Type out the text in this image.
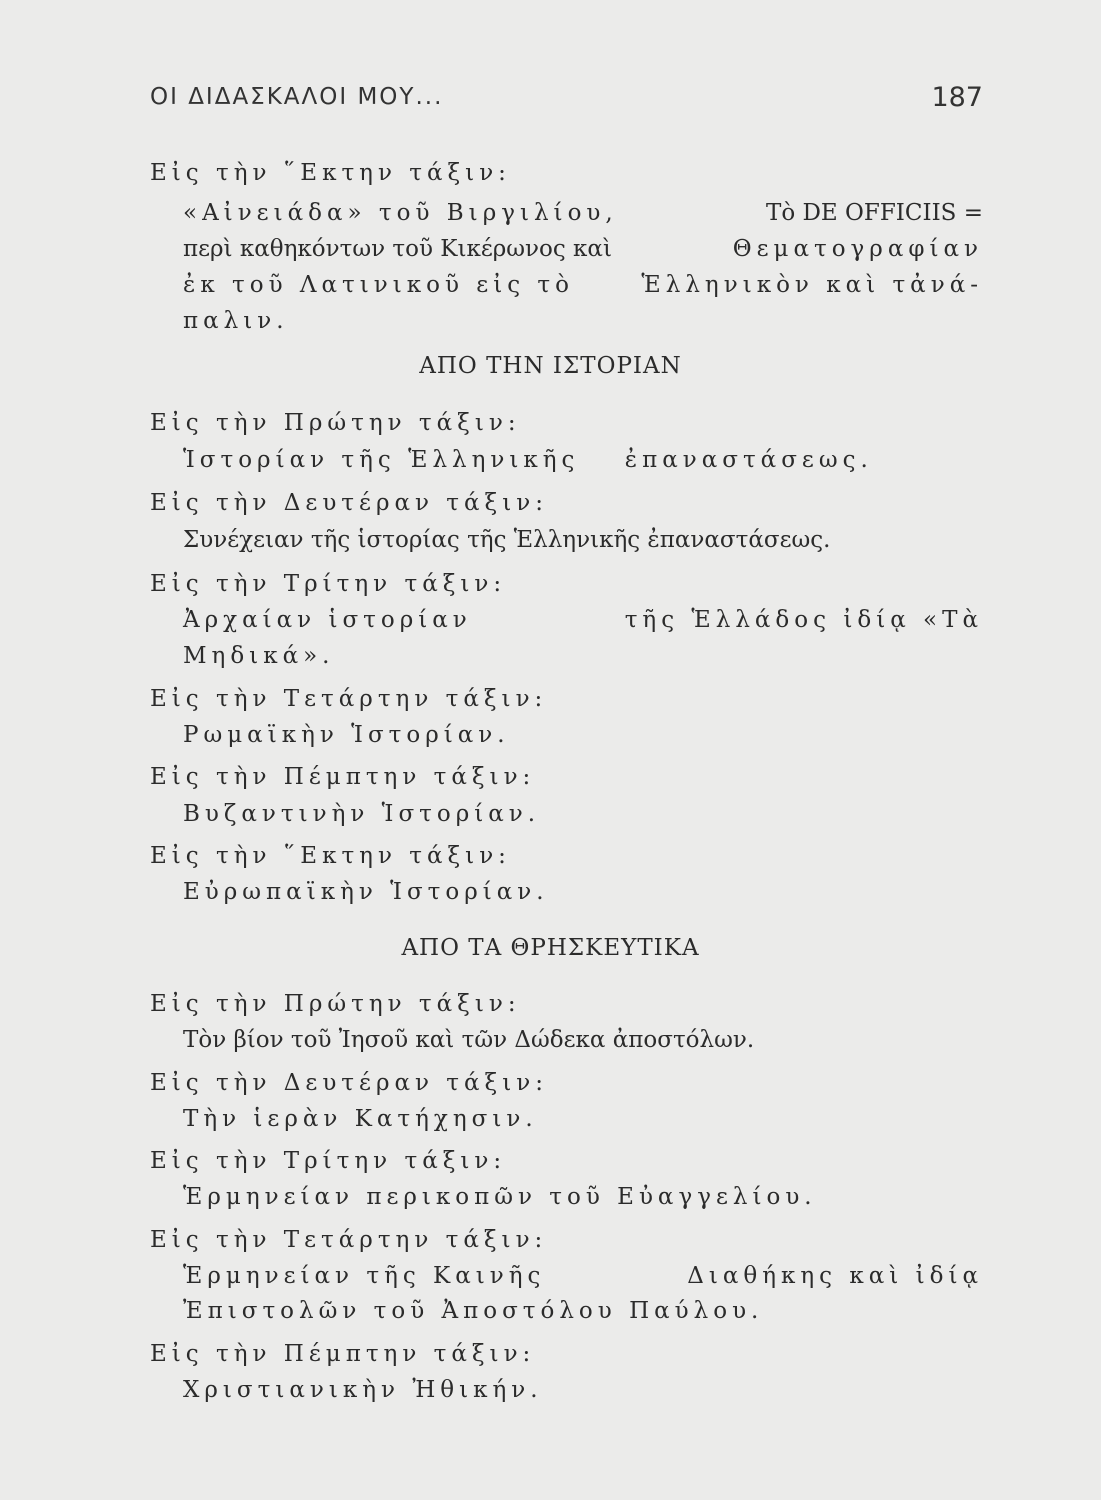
ΟΙ ΔΙΔΑΣΚΑΛΟΙ ΜΟΥ...	187
Εἰς τὴν ῞Εκτην τάξιν:
«Αἰνειάδα» τοῦ Βιργιλίου,	Τὸ DE OFFICIIS =
περὶ καθηκόντων τοῦ Κικέρωνος καὶ	Θεματογραφίαν
ἐκ τοῦ Λατινικοῦ εἰς τὸ	Ἑλληνικὸν καὶ τἀνά-
παλιν.
ΑΠΟ ΤΗΝ ΙΣΤΟΡΙΑΝ
Εἰς τὴν Πρώτην τάξιν:
Ἱστορίαν τῆς Ἑλληνικῆς ἐπαναστάσεως.
Εἰς τὴν Δευτέραν τάξιν:
Συνέχειαν τῆς ἱστορίας τῆς Ἑλληνικῆς ἐπαναστάσεως.
Εἰς τὴν Τρίτην τάξιν:
Ἀρχαίαν ἱστορίαν	τῆς Ἑλλάδος ἰδίᾳ «Τὰ
Μηδικά».
Εἰς τὴν Τετάρτην τάξιν:
Ρωμαϊκὴν Ἱστορίαν.
Εἰς τὴν Πέμπτην τάξιν:
Βυζαντινὴν Ἱστορίαν.
Εἰς τὴν ῞Εκτην τάξιν:
Εὐρωπαϊκὴν Ἱστορίαν.
ΑΠΟ ΤΑ ΘΡΗΣΚΕΥΤΙΚΑ
Εἰς τὴν Πρώτην τάξιν:
Τὸν βίον τοῦ Ἰησοῦ καὶ τῶν Δώδεκα ἀποστόλων.
Εἰς τὴν Δευτέραν τάξιν:
Τὴν ἱερὰν Κατήχησιν.
Εἰς τὴν Τρίτην τάξιν:
Ἑρμηνείαν περικοπῶν τοῦ Εὐαγγελίου.
Εἰς τὴν Τετάρτην τάξιν:
Ἑρμηνείαν τῆς Καινῆς	Διαθήκης καὶ ἰδίᾳ
Ἐπιστολῶν τοῦ Ἀποστόλου Παύλου.
Εἰς τὴν Πέμπτην τάξιν:
Χριστιανικὴν Ἠθικήν.
